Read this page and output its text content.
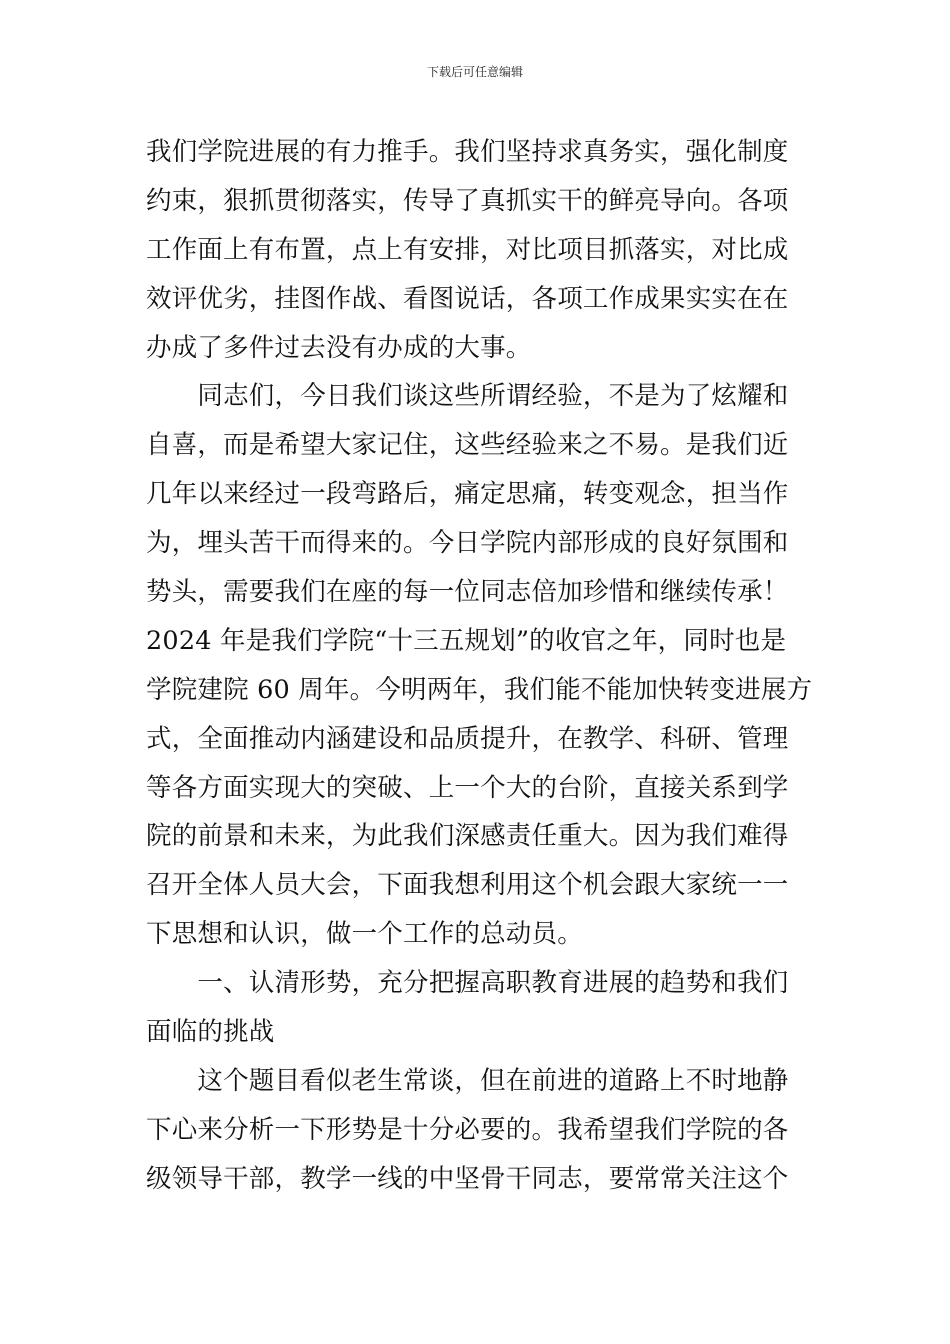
下载后可任意编辑
我们学院进展的有力推手。我们坚持求真务实，强化制度
约束，狠抓贯彻落实，传导了真抓实干的鲜亮导向。各项
工作面上有布置，点上有安排，对比项目抓落实，对比成
效评优劣，挂图作战、看图说话，各项工作成果实实在在
办成了多件过去没有办成的大事。
　　同志们，今日我们谈这些所谓经验，不是为了炫耀和
自喜，而是希望大家记住，这些经验来之不易。是我们近
几年以来经过一段弯路后，痛定思痛，转变观念，担当作
为，埋头苦干而得来的。今日学院内部形成的良好氛围和
势头，需要我们在座的每一位同志倍加珍惜和继续传承！
2024 年是我们学院“十三五规划”的收官之年，同时也是
学院建院 60 周年。今明两年，我们能不能加快转变进展方
式，全面推动内涵建设和品质提升，在教学、科研、管理
等各方面实现大的突破、上一个大的台阶，直接关系到学
院的前景和未来，为此我们深感责任重大。因为我们难得
召开全体人员大会，下面我想利用这个机会跟大家统一一
下思想和认识，做一个工作的总动员。
　　一、认清形势，充分把握高职教育进展的趋势和我们
面临的挑战
　　这个题目看似老生常谈，但在前进的道路上不时地静
下心来分析一下形势是十分必要的。我希望我们学院的各
级领导干部，教学一线的中坚骨干同志，要常常关注这个
